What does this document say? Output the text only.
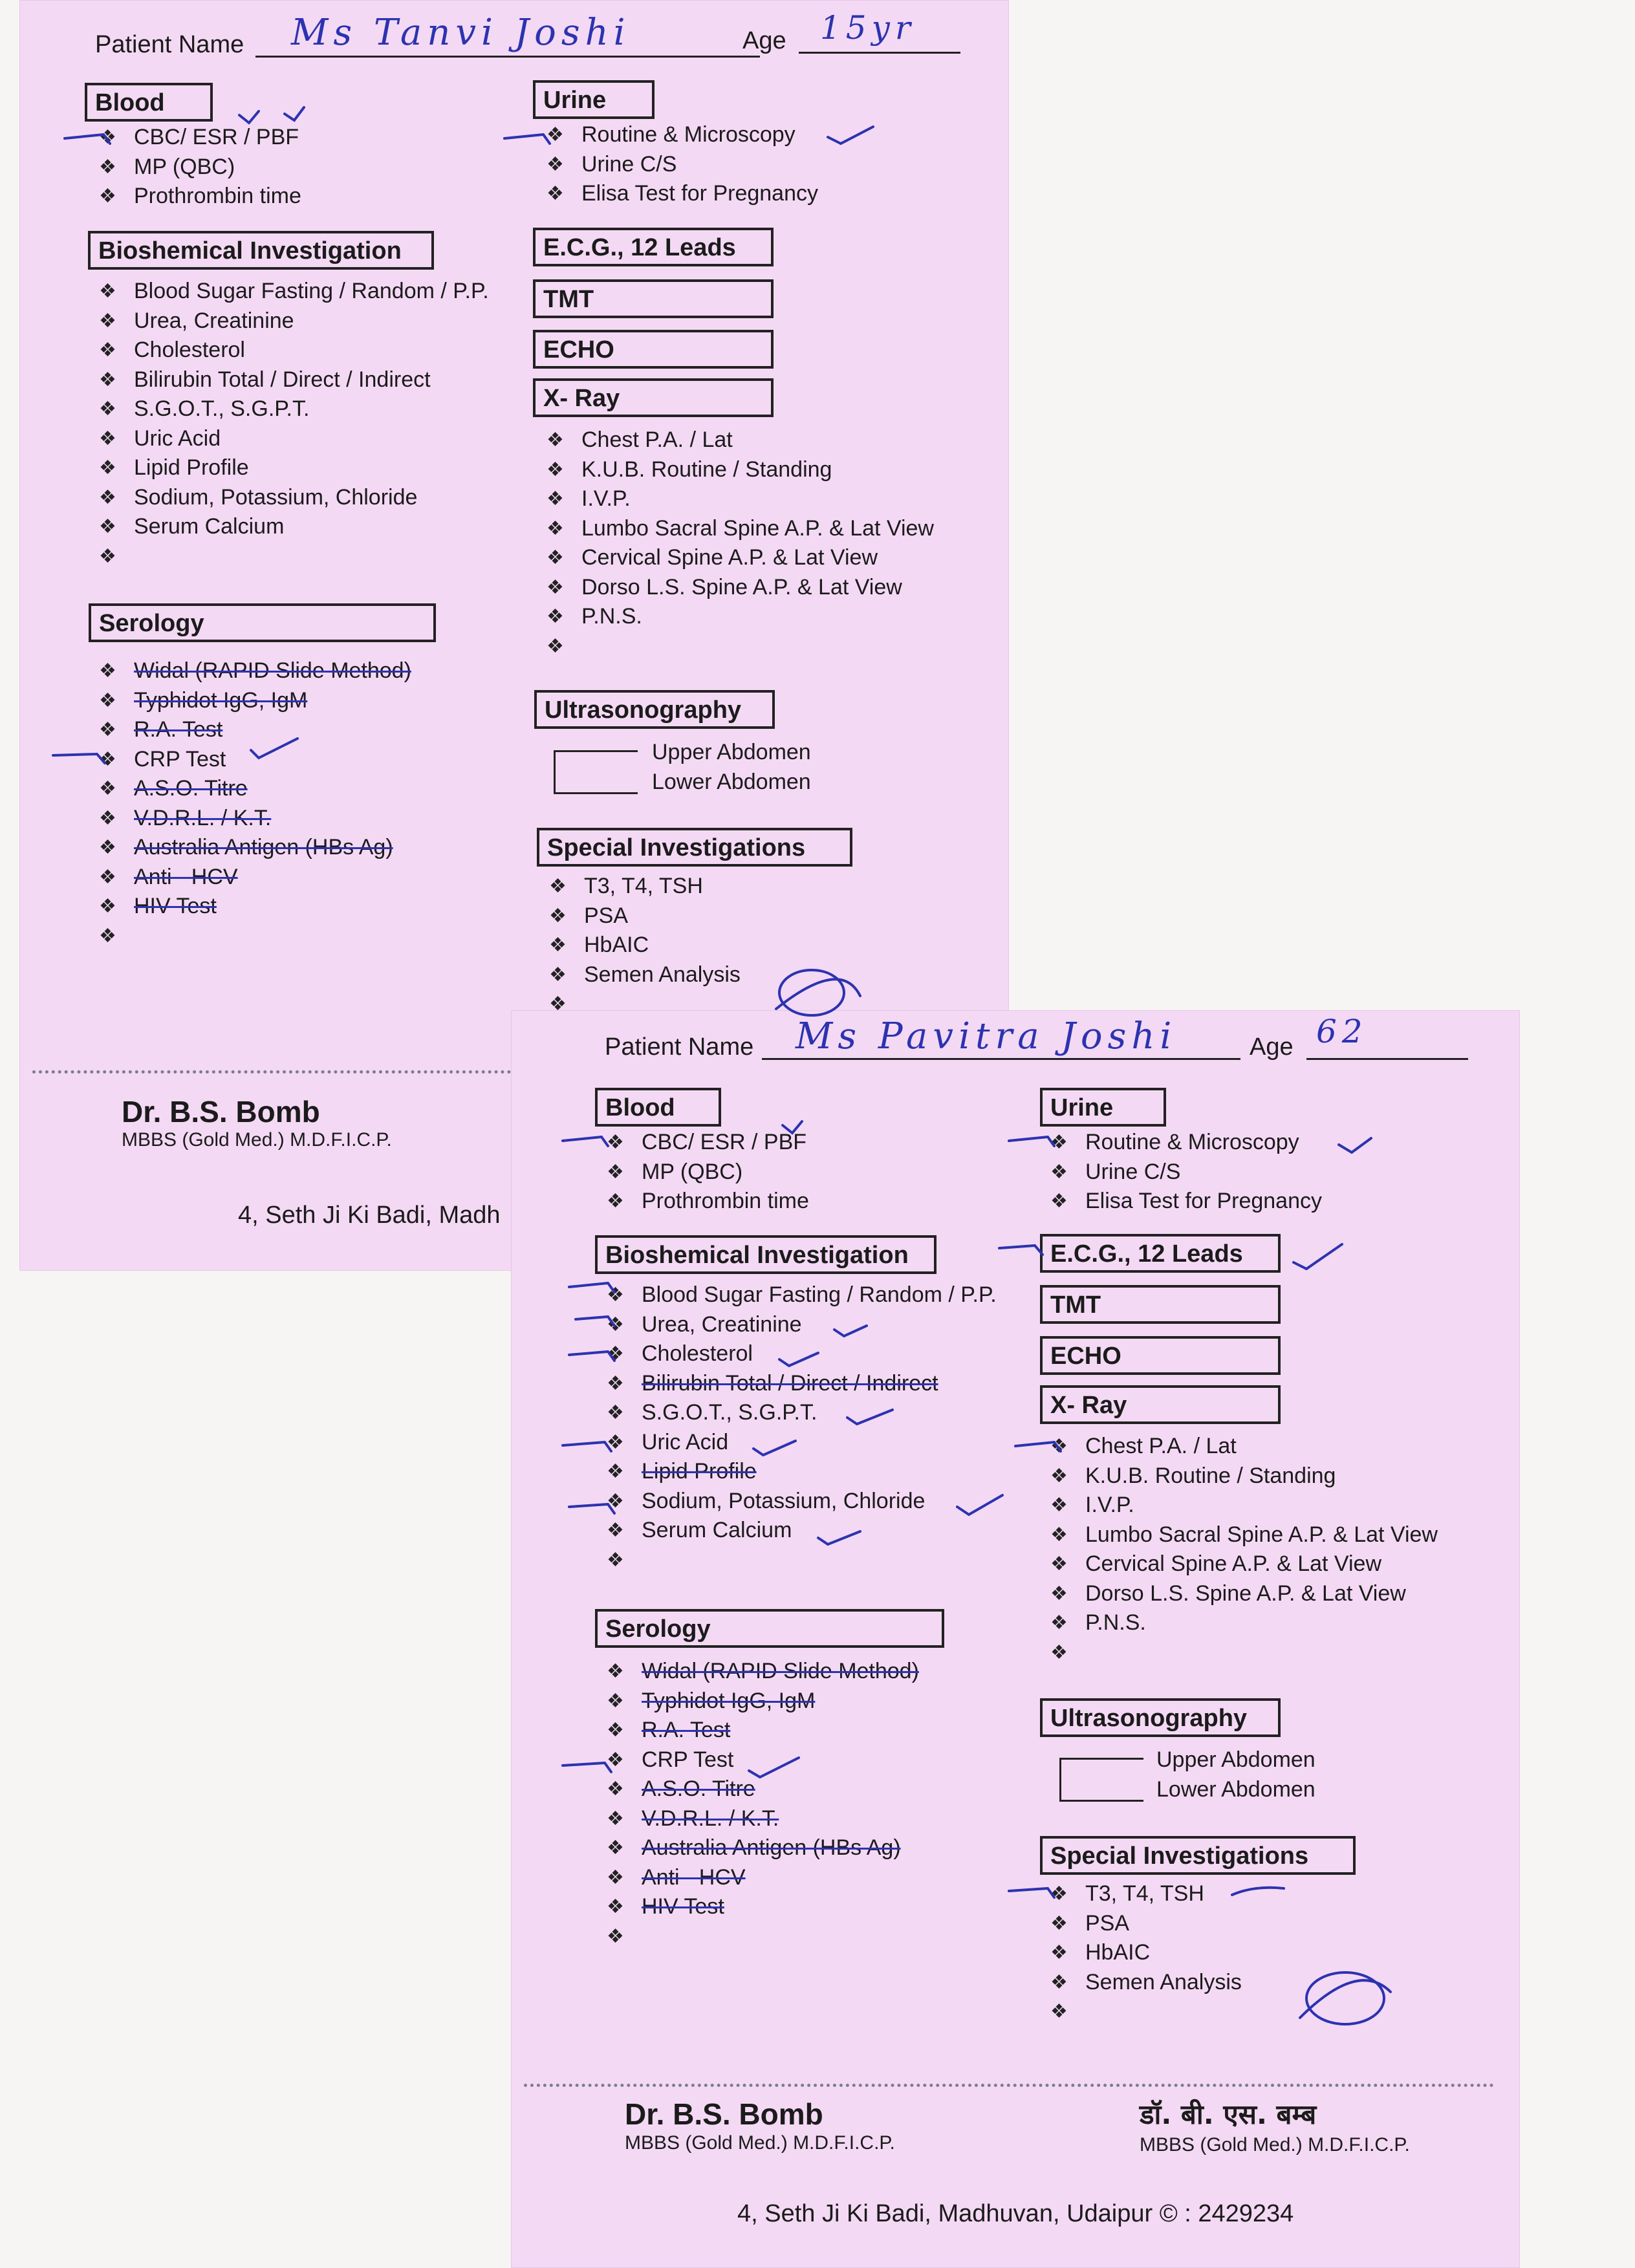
Patient Name Ms Tanvi Joshi	Age 15yr
Blood
❖ CBC/ ESR / PBF
❖ MP (QBC)
❖ Prothrombin time
Bioshemical Investigation
❖ Blood Sugar Fasting / Random / P.P.
❖ Urea, Creatinine
❖ Cholesterol
❖ Bilirubin Total / Direct / Indirect
❖ S.G.O.T., S.G.P.T.
❖ Uric Acid
❖ Lipid Profile
❖ Sodium, Potassium, Chloride
❖ Serum Calcium
❖
Serology
❖ Widal (RAPID Slide Method)
❖ Typhidot IgG, IgM
❖ R.A. Test
❖ CRP Test
❖ A.S.O. Titre
❖ V.D.R.L. / K.T.
❖ Australia Antigen (HBs Ag)
❖ Anti - HCV
❖ HIV Test
❖
Urine
❖ Routine & Microscopy
❖ Urine C/S
❖ Elisa Test for Pregnancy
E.C.G., 12 Leads
TMT
ECHO
X- Ray
❖ Chest P.A. / Lat
❖ K.U.B. Routine / Standing
❖ I.V.P.
❖ Lumbo Sacral Spine A.P. & Lat View
❖ Cervical Spine A.P. & Lat View
❖ Dorso L.S. Spine A.P. & Lat View
❖ P.N.S.
❖
Ultrasonography
Upper Abdomen
Lower Abdomen
Special Investigations
❖ T3, T4, TSH
❖ PSA
❖ HbAIC
❖ Semen Analysis
❖
Dr. B.S. Bomb
MBBS (Gold Med.) M.D.F.I.C.P.
4, Seth Ji Ki Badi, Madh
Patient Name Ms Pavitra Joshi	Age 62
Blood
❖ CBC/ ESR / PBF
❖ MP (QBC)
❖ Prothrombin time
Bioshemical Investigation
❖ Blood Sugar Fasting / Random / P.P.
❖ Urea, Creatinine
❖ Cholesterol
❖ Bilirubin Total / Direct / Indirect
❖ S.G.O.T., S.G.P.T.
❖ Uric Acid
❖ Lipid Profile
❖ Sodium, Potassium, Chloride
❖ Serum Calcium
❖
Serology
❖ Widal (RAPID Slide Method)
❖ Typhidot IgG, IgM
❖ R.A. Test
❖ CRP Test
❖ A.S.O. Titre
❖ V.D.R.L. / K.T.
❖ Australia Antigen (HBs Ag)
❖ Anti - HCV
❖ HIV Test
❖
Urine
❖ Routine & Microscopy
❖ Urine C/S
❖ Elisa Test for Pregnancy
E.C.G., 12 Leads
TMT
ECHO
X- Ray
❖ Chest P.A. / Lat
❖ K.U.B. Routine / Standing
❖ I.V.P.
❖ Lumbo Sacral Spine A.P. & Lat View
❖ Cervical Spine A.P. & Lat View
❖ Dorso L.S. Spine A.P. & Lat View
❖ P.N.S.
❖
Ultrasonography
Upper Abdomen
Lower Abdomen
Special Investigations
❖ T3, T4, TSH
❖ PSA
❖ HbAIC
❖ Semen Analysis
❖
Dr. B.S. Bomb
MBBS (Gold Med.) M.D.F.I.C.P.
डॉ. बी. एस. बम्ब
MBBS (Gold Med.) M.D.F.I.C.P.
4, Seth Ji Ki Badi, Madhuvan, Udaipur © : 2429234
